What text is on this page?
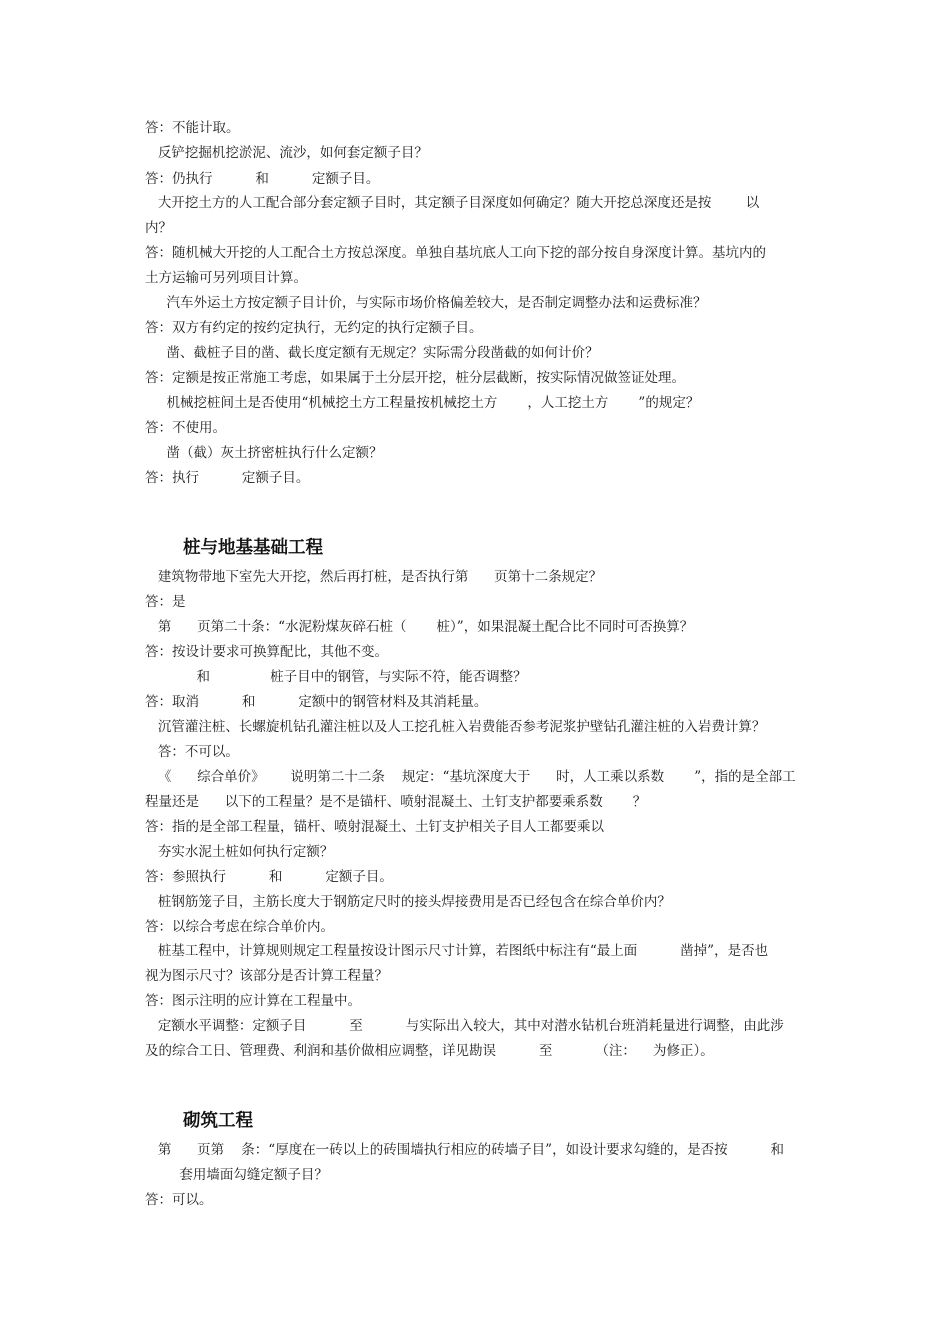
答：不能计取。

反铲挖掘机挖淤泥、流沙，如何套定额子目？

答：仍执行          和          定额子目。

大开挖土方的人工配合部分套定额子目时，其定额子目深度如何确定？随大开挖总深度还是按        以

内？

答：随机械大开挖的人工配合土方按总深度。单独自基坑底人工向下挖的部分按自身深度计算。基坑内的

土方运输可另列项目计算。

汽车外运土方按定额子目计价，与实际市场价格偏差较大，是否制定调整办法和运费标准？

答：双方有约定的按约定执行，无约定的执行定额子目。

凿、截桩子目的凿、截长度定额有无规定？实际需分段凿截的如何计价？

答：定额是按正常施工考虑，如果属于土分层开挖，桩分层截断，按实际情况做签证处理。

机械挖桩间土是否使用“机械挖土方工程量按机械挖土方       ，人工挖土方       ”的规定？

答：不使用。

凿（截）灰土挤密桩执行什么定额？

答：执行          定额子目。

桩与地基基础工程

建筑物带地下室先大开挖，然后再打桩，是否执行第      页第十二条规定？

答：是

第      页第二十条：“水泥粉煤灰碎石桩（       桩）”，如果混凝土配合比不同时可否换算？

答：按设计要求可换算配比，其他不变。

和              桩子目中的钢管，与实际不符，能否调整？

答：取消          和          定额中的钢管材料及其消耗量。

沉管灌注桩、长螺旋机钻孔灌注桩以及人工挖孔桩入岩费能否参考泥浆护壁钻孔灌注桩的入岩费计算？

答：不可以。

《      综合单价》      说明第二十二条    规定：“基坑深度大于      时，人工乘以系数       ”，指的是全部工

程量还是      以下的工程量？是不是锚杆、喷射混凝土、土钉支护都要乘系数       ？

答：指的是全部工程量，锚杆、喷射混凝土、土钉支护相关子目人工都要乘以

夯实水泥土桩如何执行定额？

答：参照执行          和          定额子目。

桩钢筋笼子目，主筋长度大于钢筋定尺时的接头焊接费用是否已经包含在综合单价内？

答：以综合考虑在综合单价内。

桩基工程中，计算规则规定工程量按设计图示尺寸计算，若图纸中标注有“最上面          凿掉”，是否也

视为图示尺寸？该部分是否计算工程量？

答：图示注明的应计算在工程量中。

定额水平调整：定额子目          至          与实际出入较大，其中对潜水钻机台班消耗量进行调整，由此涉

及的综合工日、管理费、利润和基价做相应调整，详见勘误          至          （注：    为修正）。

砌筑工程

第      页第    条：“厚度在一砖以上的砖围墙执行相应的砖墙子目”，如设计要求勾缝的，是否按          和

套用墙面勾缝定额子目？

答：可以。
